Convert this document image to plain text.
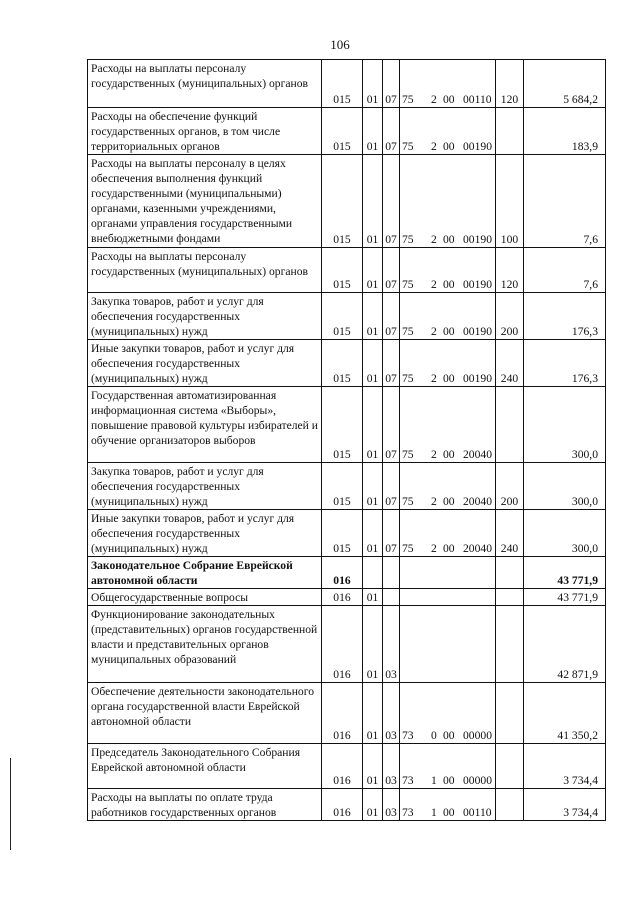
106
Расходы на выплаты персоналу государственных (муниципальных) органов	015	01	07	75 2 00 00110	120	5 684,2

Расходы на обеспечение функций государственных органов, в том числе территориальных органов	015	01	07	75 2 00 00190		183,9

Расходы на выплаты персоналу в целях обеспечения выполнения функций государственными (муниципальными) органами, казенными учреждениями, органами управления государственными внебюджетными фондами	015	01	07	75 2 00 00190	100	7,6

Расходы на выплаты персоналу государственных (муниципальных) органов	015	01	07	75 2 00 00190	120	7,6

Закупка товаров, работ и услуг для обеспечения государственных (муниципальных) нужд	015	01	07	75 2 00 00190	200	176,3

Иные закупки товаров, работ и услуг для обеспечения государственных (муниципальных) нужд	015	01	07	75 2 00 00190	240	176,3

Государственная автоматизированная информационная система «Выборы», повышение правовой культуры избирателей и обучение организаторов выборов	015	01	07	75 2 00 20040		300,0

Закупка товаров, работ и услуг для обеспечения государственных (муниципальных) нужд	015	01	07	75 2 00 20040	200	300,0

Иные закупки товаров, работ и услуг для обеспечения государственных (муниципальных) нужд	015	01	07	75 2 00 20040	240	300,0

Законодательное Собрание Еврейской автономной области	016					43 771,9

Общегосударственные вопросы	016	01				43 771,9

Функционирование законодательных (представительных) органов государственной власти и представительных органов муниципальных образований	016	01	03			42 871,9

Обеспечение деятельности законодательного органа государственной власти Еврейской автономной области	016	01	03	73 0 00 00000		41 350,2

Председатель Законодательного Собрания Еврейской автономной области	016	01	03	73 1 00 00000		3 734,4

Расходы на выплаты по оплате труда работников государственных органов	016	01	03	73 1 00 00110		3 734,4
